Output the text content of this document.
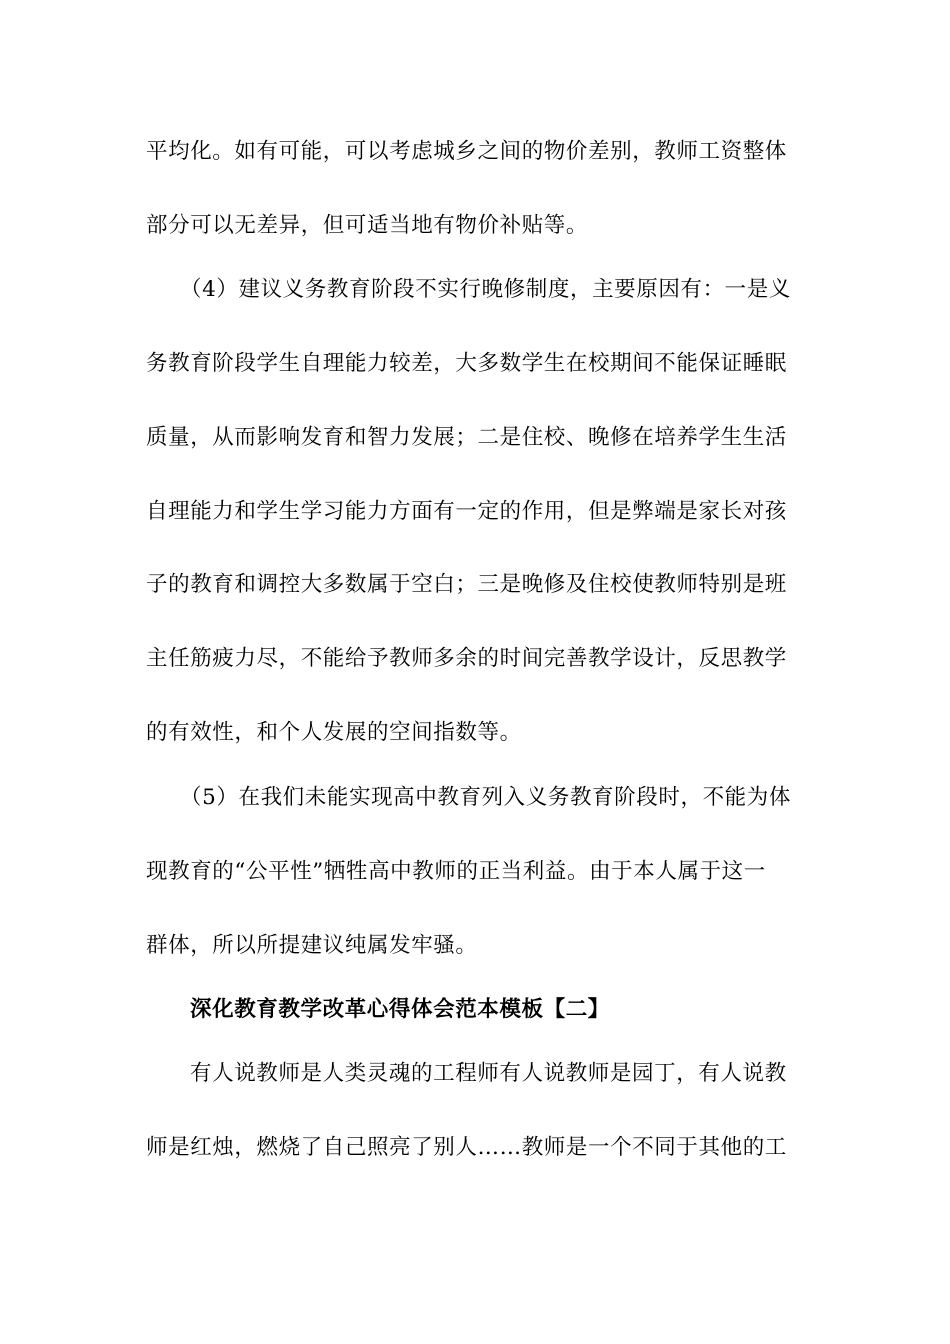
平均化。如有可能，可以考虑城乡之间的物价差别，教师工资整体
部分可以无差异，但可适当地有物价补贴等。
（4）建议义务教育阶段不实行晚修制度，主要原因有：一是义
务教育阶段学生自理能力较差，大多数学生在校期间不能保证睡眠
质量，从而影响发育和智力发展；二是住校、晚修在培养学生生活
自理能力和学生学习能力方面有一定的作用，但是弊端是家长对孩
子的教育和调控大多数属于空白；三是晚修及住校使教师特别是班
主任筋疲力尽，不能给予教师多余的时间完善教学设计，反思教学
的有效性，和个人发展的空间指数等。
（5）在我们未能实现高中教育列入义务教育阶段时，不能为体
现教育的“公平性”牺牲高中教师的正当利益。由于本人属于这一
群体，所以所提建议纯属发牢骚。
深化教育教学改革心得体会范本模板【二】
有人说教师是人类灵魂的工程师有人说教师是园丁，有人说教
师是红烛，燃烧了自己照亮了别人……教师是一个不同于其他的工
